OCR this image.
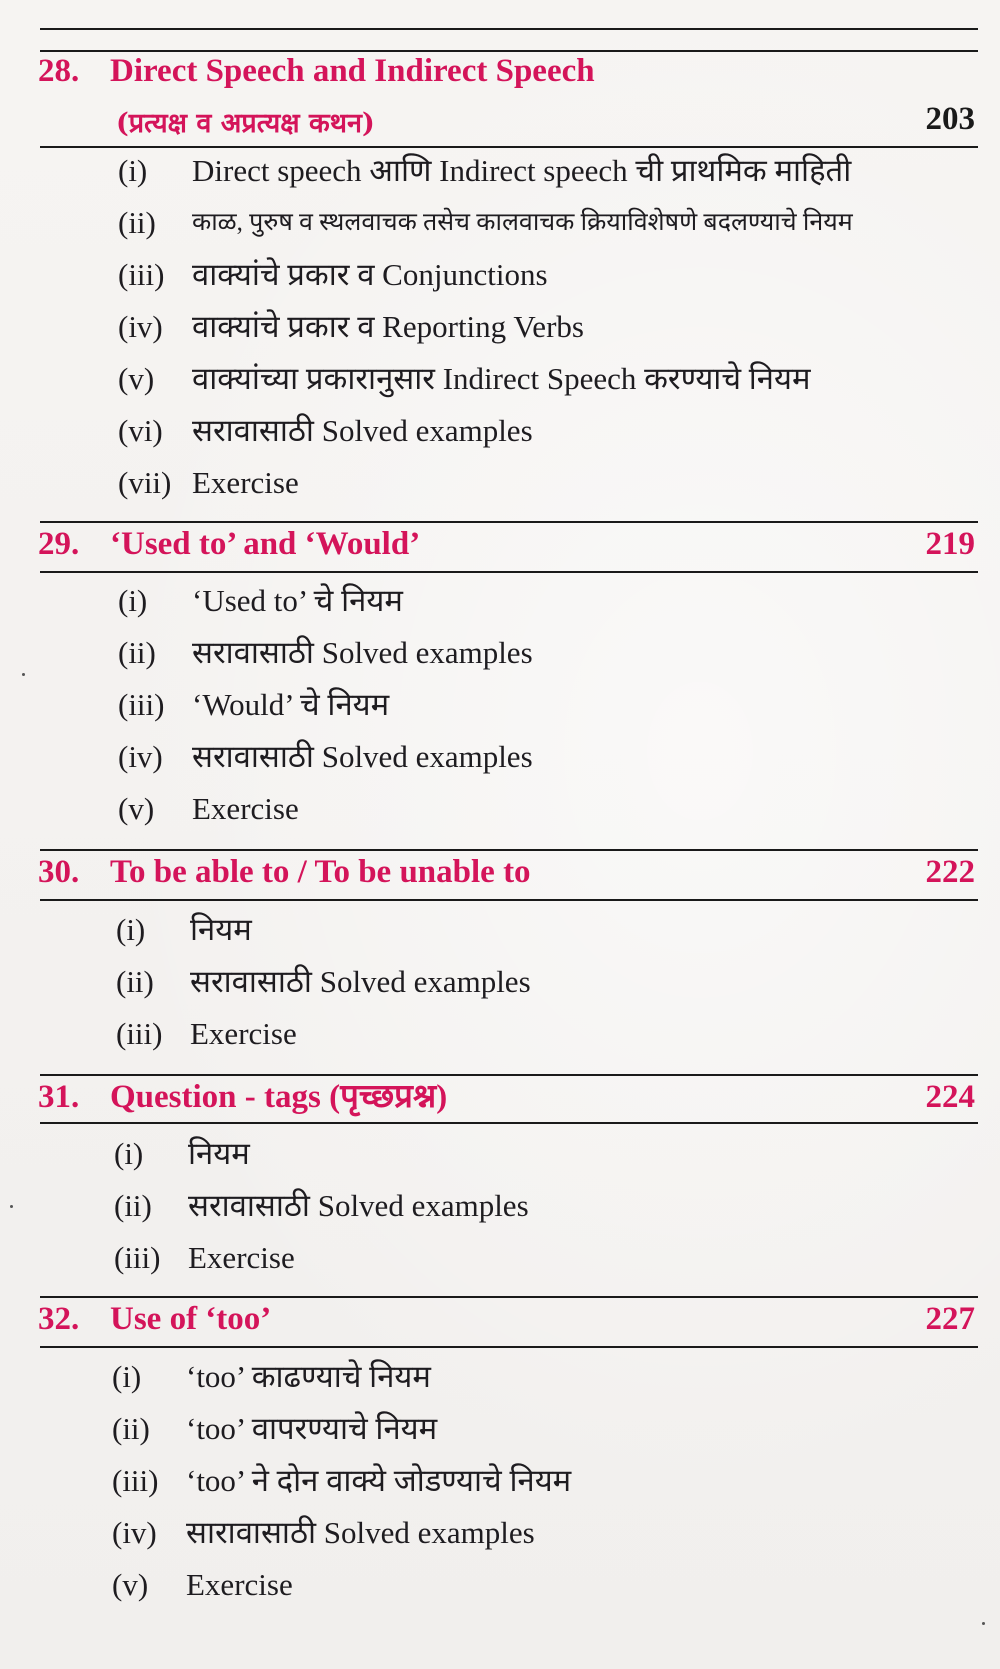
28. Direct Speech and Indirect Speech
(प्रत्यक्ष व अप्रत्यक्ष कथन)	203
(i) Direct speech आणि Indirect speech ची प्राथमिक माहिती
(ii) काळ, पुरुष व स्थलवाचक तसेच कालवाचक क्रियाविशेषणे बदलण्याचे नियम
(iii) वाक्यांचे प्रकार व Conjunctions
(iv) वाक्यांचे प्रकार व Reporting Verbs
(v) वाक्यांच्या प्रकारानुसार Indirect Speech करण्याचे नियम
(vi) सरावासाठी Solved examples
(vii) Exercise
29. ‘Used to’ and ‘Would’	219
(i) ‘Used to’ चे नियम
(ii) सरावासाठी Solved examples
(iii) ‘Would’ चे नियम
(iv) सरावासाठी Solved examples
(v) Exercise
30. To be able to / To be unable to	222
(i) नियम
(ii) सरावासाठी Solved examples
(iii) Exercise
31. Question - tags (पृच्छप्रश्न)	224
(i) नियम
(ii) सरावासाठी Solved examples
(iii) Exercise
32. Use of ‘too’	227
(i) ‘too’ काढण्याचे नियम
(ii) ‘too’ वापरण्याचे नियम
(iii) ‘too’ ने दोन वाक्ये जोडण्याचे नियम
(iv) सारावासाठी Solved examples
(v) Exercise
